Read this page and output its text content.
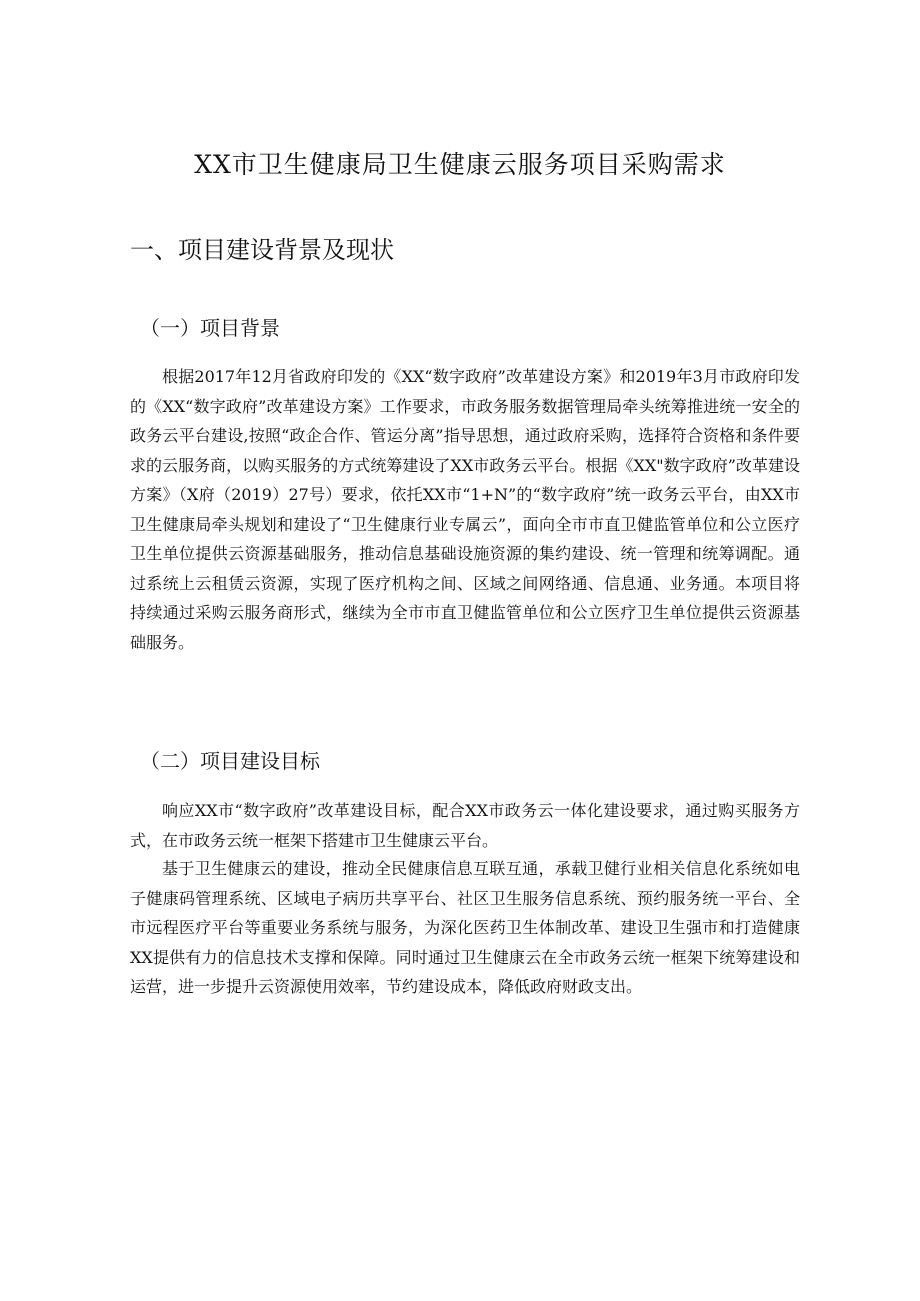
XX市卫生健康局卫生健康云服务项目采购需求
一、项目建设背景及现状
（一）项目背景

根据2017年12月省政府印发的《XX“数字政府”改革建设方案》和2019年3月市政府印发的《XX“数字政府”改革建设方案》工作要求，市政务服务数据管理局牵头统筹推进统一安全的政务云平台建设,按照“政企合作、管运分离”指导思想，通过政府采购，选择符合资格和条件要求的云服务商，以购买服务的方式统筹建设了XX市政务云平台。根据《XX"数字政府”改革建设方案》（X府（2019）27号）要求，依托XX市“1+N”的“数字政府”统一政务云平台，由XX市卫生健康局牵头规划和建设了“卫生健康行业专属云”，面向全市市直卫健监管单位和公立医疗卫生单位提供云资源基础服务，推动信息基础设施资源的集约建设、统一管理和统筹调配。通过系统上云租赁云资源，实现了医疗机构之间、区域之间网络通、信息通、业务通。本项目将持续通过采购云服务商形式，继续为全市市直卫健监管单位和公立医疗卫生单位提供云资源基础服务。

（二）项目建设目标

响应XX市“数字政府”改革建设目标，配合XX市政务云一体化建设要求，通过购买服务方式，在市政务云统一框架下搭建市卫生健康云平台。

基于卫生健康云的建设，推动全民健康信息互联互通，承载卫健行业相关信息化系统如电子健康码管理系统、区域电子病历共享平台、社区卫生服务信息系统、预约服务统一平台、全市远程医疗平台等重要业务系统与服务，为深化医药卫生体制改革、建设卫生强市和打造健康XX提供有力的信息技术支撑和保障。同时通过卫生健康云在全市政务云统一框架下统筹建设和运营，进一步提升云资源使用效率，节约建设成本，降低政府财政支出。
